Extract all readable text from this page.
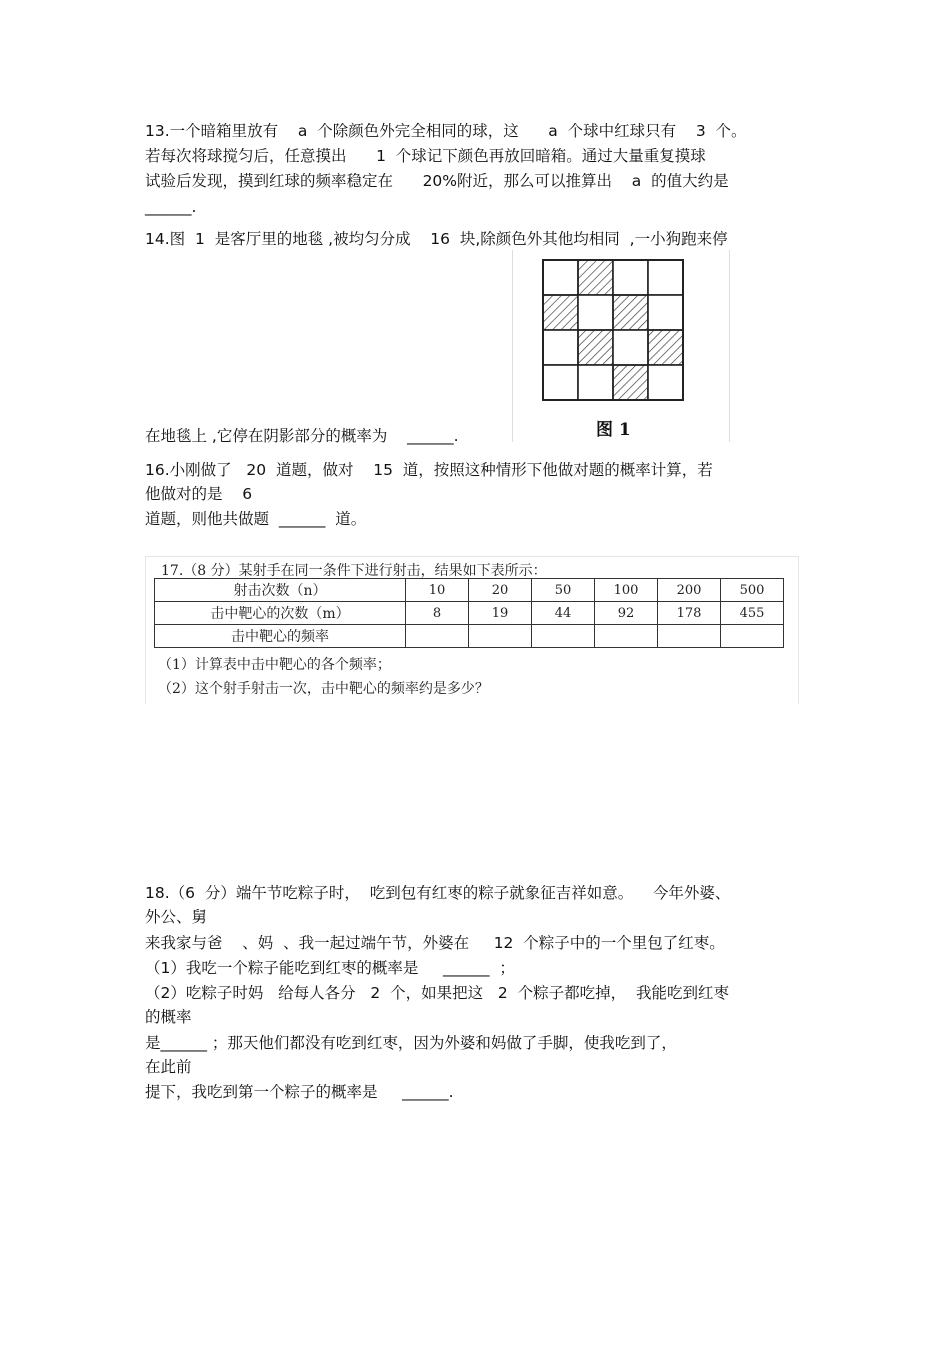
13.一个暗箱里放有    a  个除颜色外完全相同的球，这      a  个球中红球只有    3  个。
若每次将球搅匀后，任意摸出      1  个球记下颜色再放回暗箱。通过大量重复摸球
试验后发现，摸到红球的频率稳定在      20%附近，那么可以推算出    a  的值大约是
______.
14.图  1  是客厅里的地毯 ,被均匀分成    16  块,除颜色外其他均相同  ,一小狗跑来停
在地毯上 ,它停在阴影部分的概率为    ______.	图 1
16.小刚做了   20  道题，做对    15  道，按照这种情形下他做对题的概率计算，若
他做对的是    6
道题，则他共做题  ______  道。
17.（8 分）某射手在同一条件下进行射击，结果如下表所示：
射击次数（n）	10	20	50	100	200	500
击中靶心的次数（m）	8	19	44	92	178	455
击中靶心的频率						
（1）计算表中击中靶心的各个频率；
（2）这个射手射击一次，击中靶心的频率约是多少？
18.（6  分）端午节吃粽子时，  吃到包有红枣的粽子就象征吉祥如意。    今年外婆、
外公、舅
来我家与爸    、妈  、我一起过端午节，外婆在     12  个粽子中的一个里包了红枣。
（1）我吃一个粽子能吃到红枣的概率是     ______  ；
（2）吃粽子时妈   给每人各分   2  个，如果把这   2  个粽子都吃掉，  我能吃到红枣
的概率
是______ ；那天他们都没有吃到红枣，因为外婆和妈做了手脚，使我吃到了，
在此前
提下，我吃到第一个粽子的概率是     ______.
